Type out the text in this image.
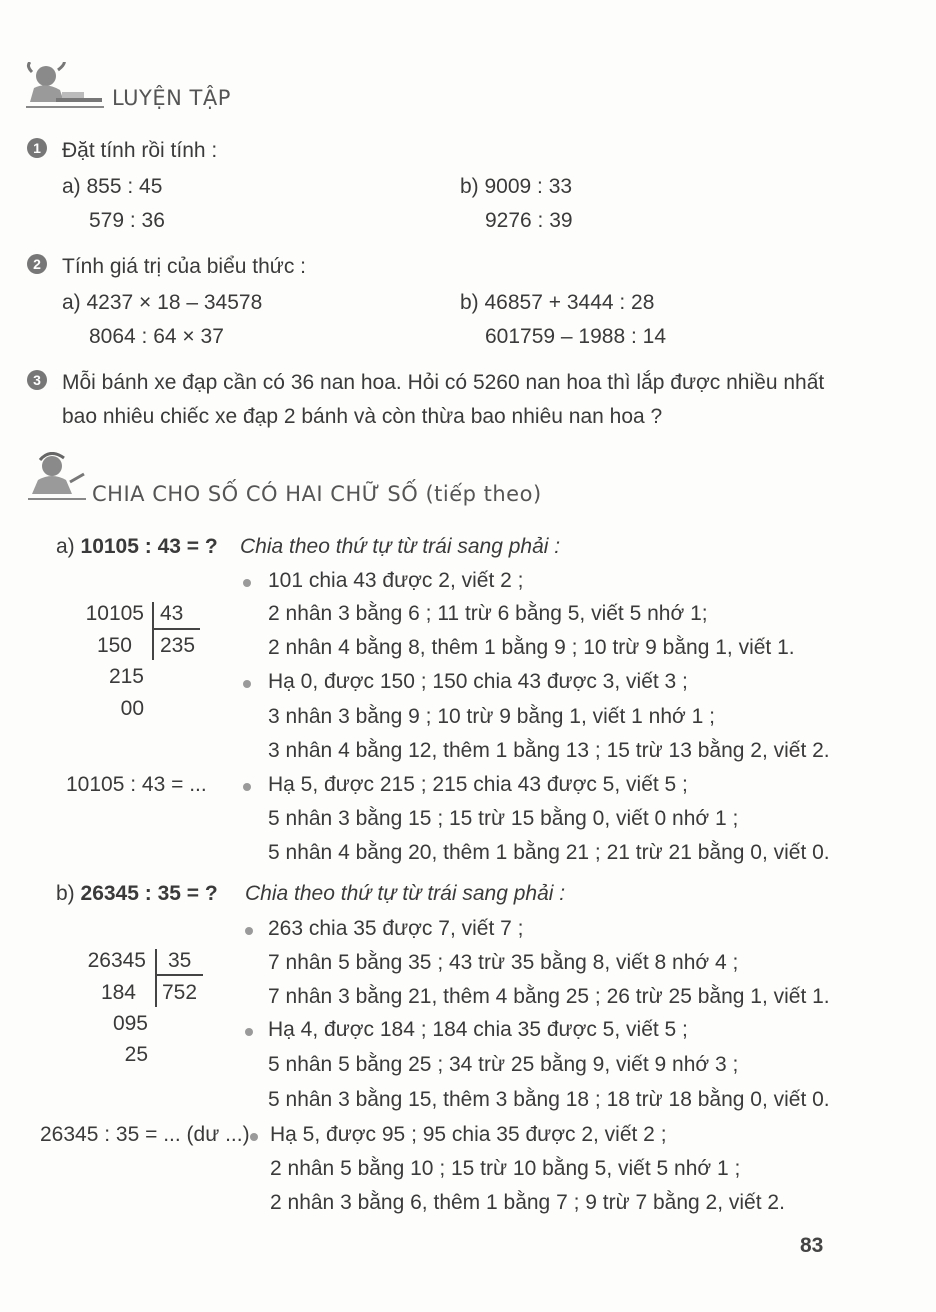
LUYỆN TẬP
1 Đặt tính rồi tính :
a) 855 : 45
579 : 36
b) 9009 : 33
9276 : 39
2 Tính giá trị của biểu thức :
a) 4237 × 18 – 34578
8064 : 64 × 37
b) 46857 + 3444 : 28
601759 – 1988 : 14
3 Mỗi bánh xe đạp cần có 36 nan hoa. Hỏi có 5260 nan hoa thì lắp được nhiều nhất
bao nhiêu chiếc xe đạp 2 bánh và còn thừa bao nhiêu nan hoa ?
CHIA CHO SỐ CÓ HAI CHỮ SỐ (tiếp theo)
a) 10105 : 43 = ? Chia theo thứ tự từ trái sang phải :
10105 43
150 235
215
00
10105 : 43 = ...
101 chia 43 được 2, viết 2 ;
2 nhân 3 bằng 6 ; 11 trừ 6 bằng 5, viết 5 nhớ 1;
2 nhân 4 bằng 8, thêm 1 bằng 9 ; 10 trừ 9 bằng 1, viết 1.
Hạ 0, được 150 ; 150 chia 43 được 3, viết 3 ;
3 nhân 3 bằng 9 ; 10 trừ 9 bằng 1, viết 1 nhớ 1 ;
3 nhân 4 bằng 12, thêm 1 bằng 13 ; 15 trừ 13 bằng 2, viết 2.
Hạ 5, được 215 ; 215 chia 43 được 5, viết 5 ;
5 nhân 3 bằng 15 ; 15 trừ 15 bằng 0, viết 0 nhớ 1 ;
5 nhân 4 bằng 20, thêm 1 bằng 21 ; 21 trừ 21 bằng 0, viết 0.
b) 26345 : 35 = ? Chia theo thứ tự từ trái sang phải :
26345 35
184 752
095
25
26345 : 35 = ... (dư ...)
263 chia 35 được 7, viết 7 ;
7 nhân 5 bằng 35 ; 43 trừ 35 bằng 8, viết 8 nhớ 4 ;
7 nhân 3 bằng 21, thêm 4 bằng 25 ; 26 trừ 25 bằng 1, viết 1.
Hạ 4, được 184 ; 184 chia 35 được 5, viết 5 ;
5 nhân 5 bằng 25 ; 34 trừ 25 bằng 9, viết 9 nhớ 3 ;
5 nhân 3 bằng 15, thêm 3 bằng 18 ; 18 trừ 18 bằng 0, viết 0.
Hạ 5, được 95 ; 95 chia 35 được 2, viết 2 ;
2 nhân 5 bằng 10 ; 15 trừ 10 bằng 5, viết 5 nhớ 1 ;
2 nhân 3 bằng 6, thêm 1 bằng 7 ; 9 trừ 7 bằng 2, viết 2.
83
